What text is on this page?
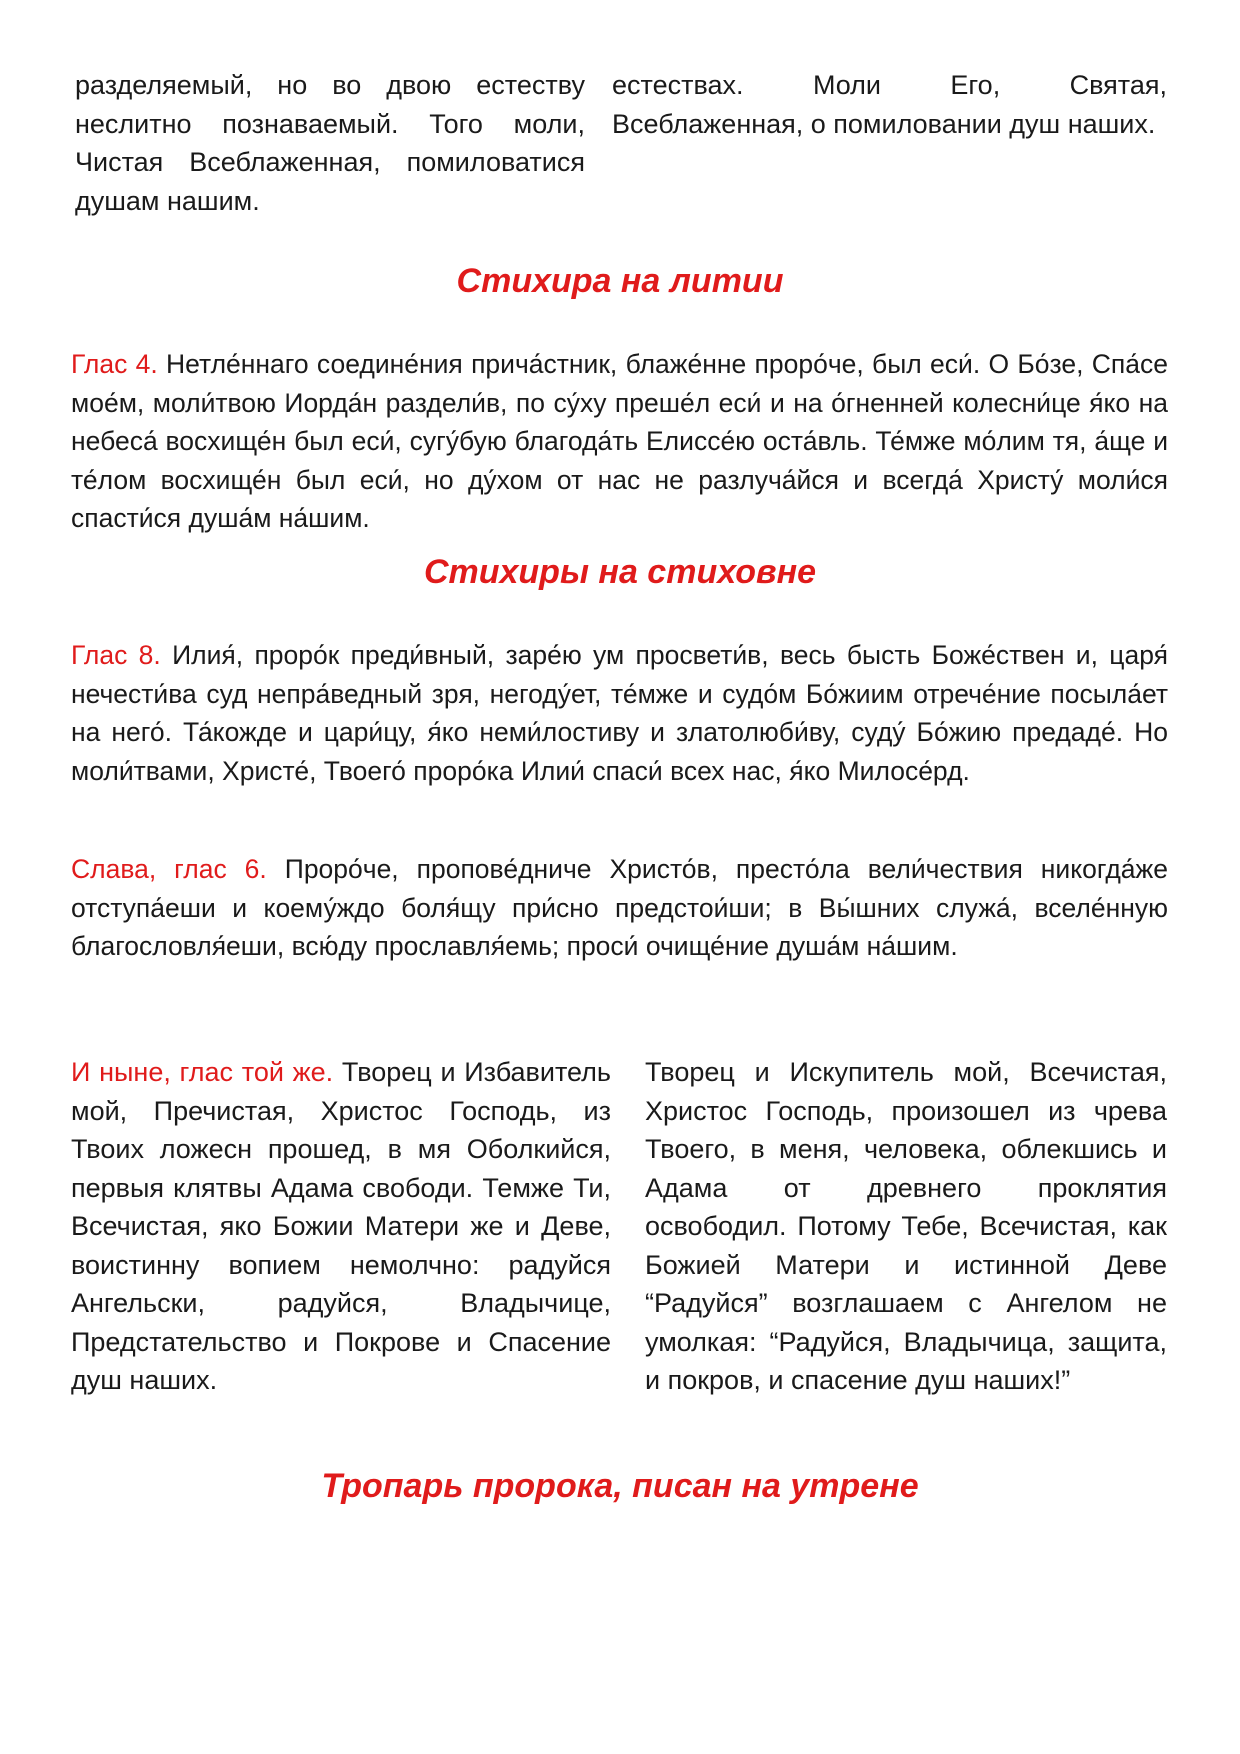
разделяемый, но во двою естеству неслитно познаваемый. Того моли, Чистая Всеблаженная, помиловатися душам нашим.

естествах. Моли Его, Святая, Всеблаженная, о помиловании душ наших.

Стихира на литии

Глас 4. Нетле́ннаго соедине́ния прича́стник, блаже́нне проро́че, был еси́. О Бо́зе, Спа́се мое́м, моли́твою Иорда́н раздели́в, по су́ху преше́л еси́ и на о́гненней колесни́це я́ко на небеса́ восхище́н был еси́, сугу́бую благода́ть Елиссе́ю оста́вль. Те́мже мо́лим тя, а́ще и те́лом восхище́н был еси́, но ду́хом от нас не разлуча́йся и всегда́ Христу́ моли́ся спасти́ся душа́м на́шим.

Стихиры на стиховне

Глас 8. Илия́, проро́к преди́вный, заре́ю ум просвети́в, весь бысть Боже́ствен и, царя́ нечести́ва суд непра́ведный зря, негоду́ет, те́мже и судо́м Бо́жиим отрече́ние посыла́ет на него́. Та́кожде и цари́цу, я́ко неми́лостиву и златолюби́ву, суду́ Бо́жию предаде́. Но моли́твами, Христе́, Твоего́ проро́ка Илии́ спаси́ всех нас, я́ко Милосе́рд.

Слава, глас 6. Проро́че, пропове́дниче Христо́в, престо́ла вели́чествия никогда́же отступа́еши и коему́ждо боля́щу при́сно предстои́ши; в Вы́шних служа́, вселе́нную благословля́еши, всю́ду прославля́емь; проси́ очище́ние душа́м на́шим.

И ныне, глас той же. Творец и Избавитель мой, Пречистая, Христос Господь, из Твоих ложесн прошед, в мя Оболкийся, первыя клятвы Адама свободи. Темже Ти, Всечистая, яко Божии Матери же и Деве, воистинну вопием немолчно: радуйся Ангельски, радуйся, Владычице, Предстательство и Покрове и Спасение душ наших.

Творец и Искупитель мой, Всечистая, Христос Господь, произошел из чрева Твоего, в меня, человека, облекшись и Адама от древнего проклятия освободил. Потому Тебе, Всечистая, как Божией Матери и истинной Деве “Радуйся” возглашаем с Ангелом не умолкая: “Радуйся, Владычица, защита, и покров, и спасение душ наших!”

Тропарь пророка, писан на утрене
